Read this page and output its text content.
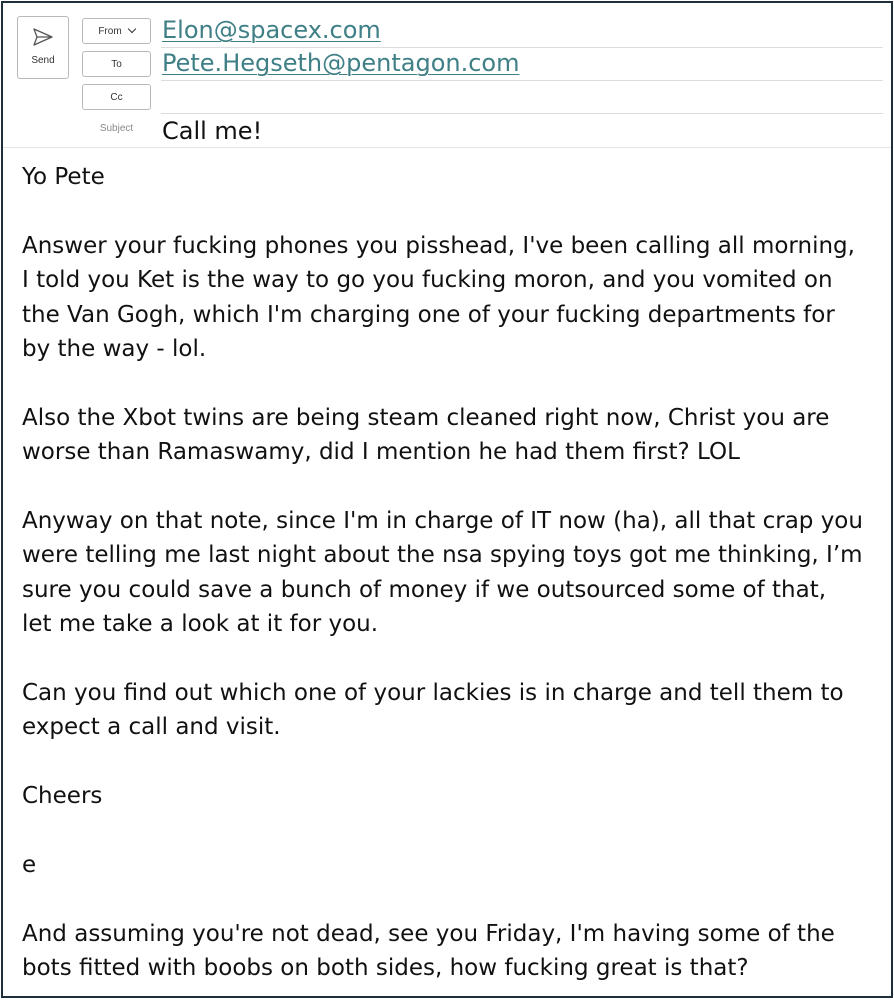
Send
From
To
Cc
Subject
Elon@spacex.com
Pete.Hegseth@pentagon.com
Call me!

Yo Pete

Answer your fucking phones you pisshead, I've been calling all morning,
I told you Ket is the way to go you fucking moron, and you vomited on
the Van Gogh, which I'm charging one of your fucking departments for
by the way - lol.

Also the Xbot twins are being steam cleaned right now, Christ you are
worse than Ramaswamy, did I mention he had them first? LOL

Anyway on that note, since I'm in charge of IT now (ha), all that crap you
were telling me last night about the nsa spying toys got me thinking, I’m
sure you could save a bunch of money if we outsourced some of that,
let me take a look at it for you.

Can you find out which one of your lackies is in charge and tell them to
expect a call and visit.

Cheers

e

And assuming you're not dead, see you Friday, I'm having some of the
bots fitted with boobs on both sides, how fucking great is that?
